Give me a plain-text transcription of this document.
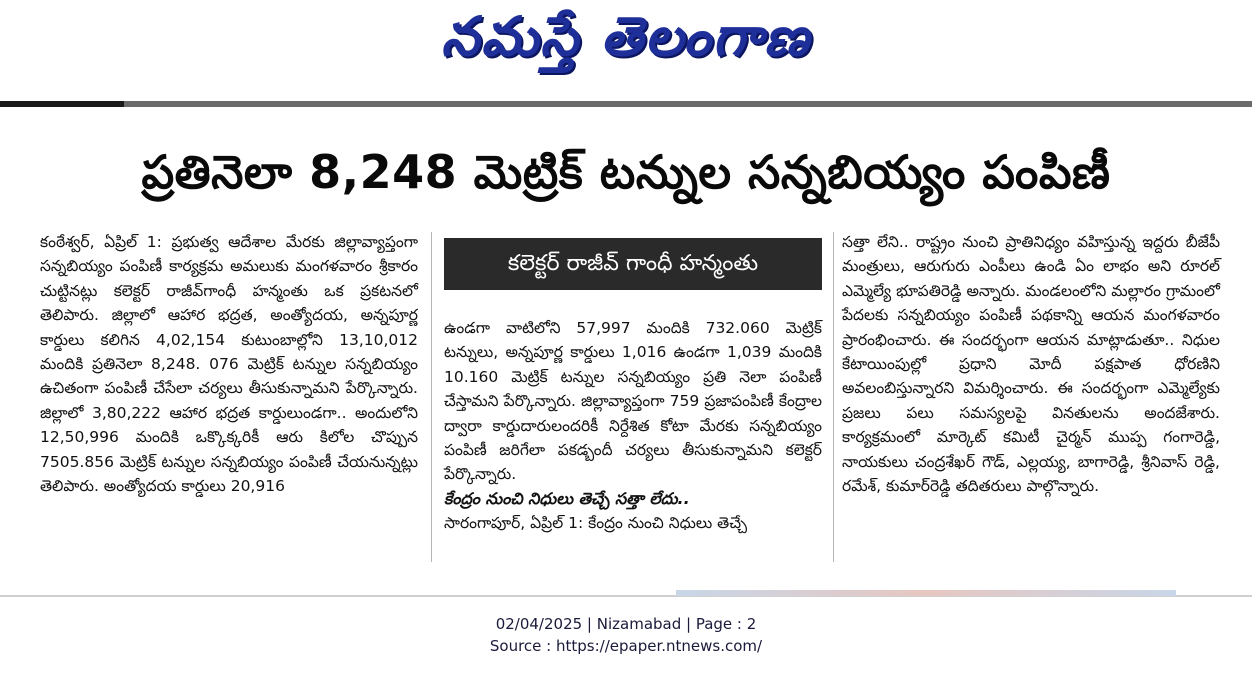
నమస్తే తెలంగాణ
ప్రతినెలా 8,248 మెట్రిక్ టన్నుల సన్నబియ్యం పంపిణీ

కంఠేశ్వర్, ఏప్రిల్ 1: ప్రభుత్వ ఆదేశాల మేరకు జిల్లావ్యాప్తంగా సన్నబియ్యం పంపిణీ కార్యక్రమ అమలుకు మంగళవారం శ్రీకారం చుట్టినట్లు కలెక్టర్ రాజీవ్‌గాంధీ హన్మంతు ఒక ప్రకటనలో తెలిపారు. జిల్లాలో ఆహార భద్రత, అంత్యోదయ, అన్నపూర్ణ కార్డులు కలిగిన 4,02,154 కుటుంబాల్లోని 13,10,012 మందికి ప్రతినెలా 8,248. 076 మెట్రిక్ టన్నుల సన్నబియ్యం ఉచితంగా పంపిణీ చేసేలా చర్యలు తీసుకున్నామని పేర్కొన్నారు. జిల్లాలో 3,80,222 ఆహార భద్రత కార్డులుండగా.. అందులోని 12,50,996 మందికి ఒక్కొక్కరికీ ఆరు కిలోల చొప్పున 7505.856 మెట్రిక్ టన్నుల సన్నబియ్యం పంపిణీ చేయనున్నట్లు తెలిపారు. అంత్యోదయ కార్డులు 20,916

కలెక్టర్ రాజీవ్ గాంధీ హన్మంతు

ఉండగా వాటిలోని 57,997 మందికి 732.060 మెట్రిక్ టన్నులు, అన్నపూర్ణ కార్డులు 1,016 ఉండగా 1,039 మందికి 10.160 మెట్రిక్ టన్నుల సన్నబియ్యం ప్రతి నెలా పంపిణీ చేస్తామని పేర్కొన్నారు. జిల్లావ్యాప్తంగా 759 ప్రజాపంపిణీ కేంద్రాల ద్వారా కార్డుదారులందరికీ నిర్దేశిత కోటా మేరకు సన్నబియ్యం పంపిణీ జరిగేలా పకడ్బందీ చర్యలు తీసుకున్నామని కలెక్టర్ పేర్కొన్నారు.

కేంద్రం నుంచి నిధులు తెచ్చే సత్తా లేదు..

సారంగాపూర్, ఏప్రిల్ 1: కేంద్రం నుంచి నిధులు తెచ్చే

సత్తా లేని.. రాష్ట్రం నుంచి ప్రాతినిధ్యం వహిస్తున్న ఇద్దరు బీజేపీ మంత్రులు, ఆరుగురు ఎంపీలు ఉండి ఏం లాభం అని రూరల్ ఎమ్మెల్యే భూపతిరెడ్డి అన్నారు. మండలంలోని మల్లారం గ్రామంలో పేదలకు సన్నబియ్యం పంపిణీ పథకాన్ని ఆయన మంగళవారం ప్రారంభించారు. ఈ సందర్భంగా ఆయన మాట్లాడుతూ.. నిధుల కేటాయింపుల్లో ప్రధాని మోదీ పక్షపాత ధోరణిని అవలంబిస్తున్నారని విమర్శించారు. ఈ సందర్భంగా ఎమ్మెల్యేకు ప్రజలు పలు సమస్యలపై వినతులను అందజేశారు. కార్యక్రమంలో మార్కెట్ కమిటీ చైర్మన్ ముప్ప గంగారెడ్డి, నాయకులు చంద్రశేఖర్ గౌడ్, ఎల్లయ్య, బాగారెడ్డి, శ్రీనివాస్ రెడ్డి, రమేశ్, కుమార్‌రెడ్డి తదితరులు పాల్గొన్నారు.

02/04/2025 | Nizamabad | Page : 2
Source : https://epaper.ntnews.com/
